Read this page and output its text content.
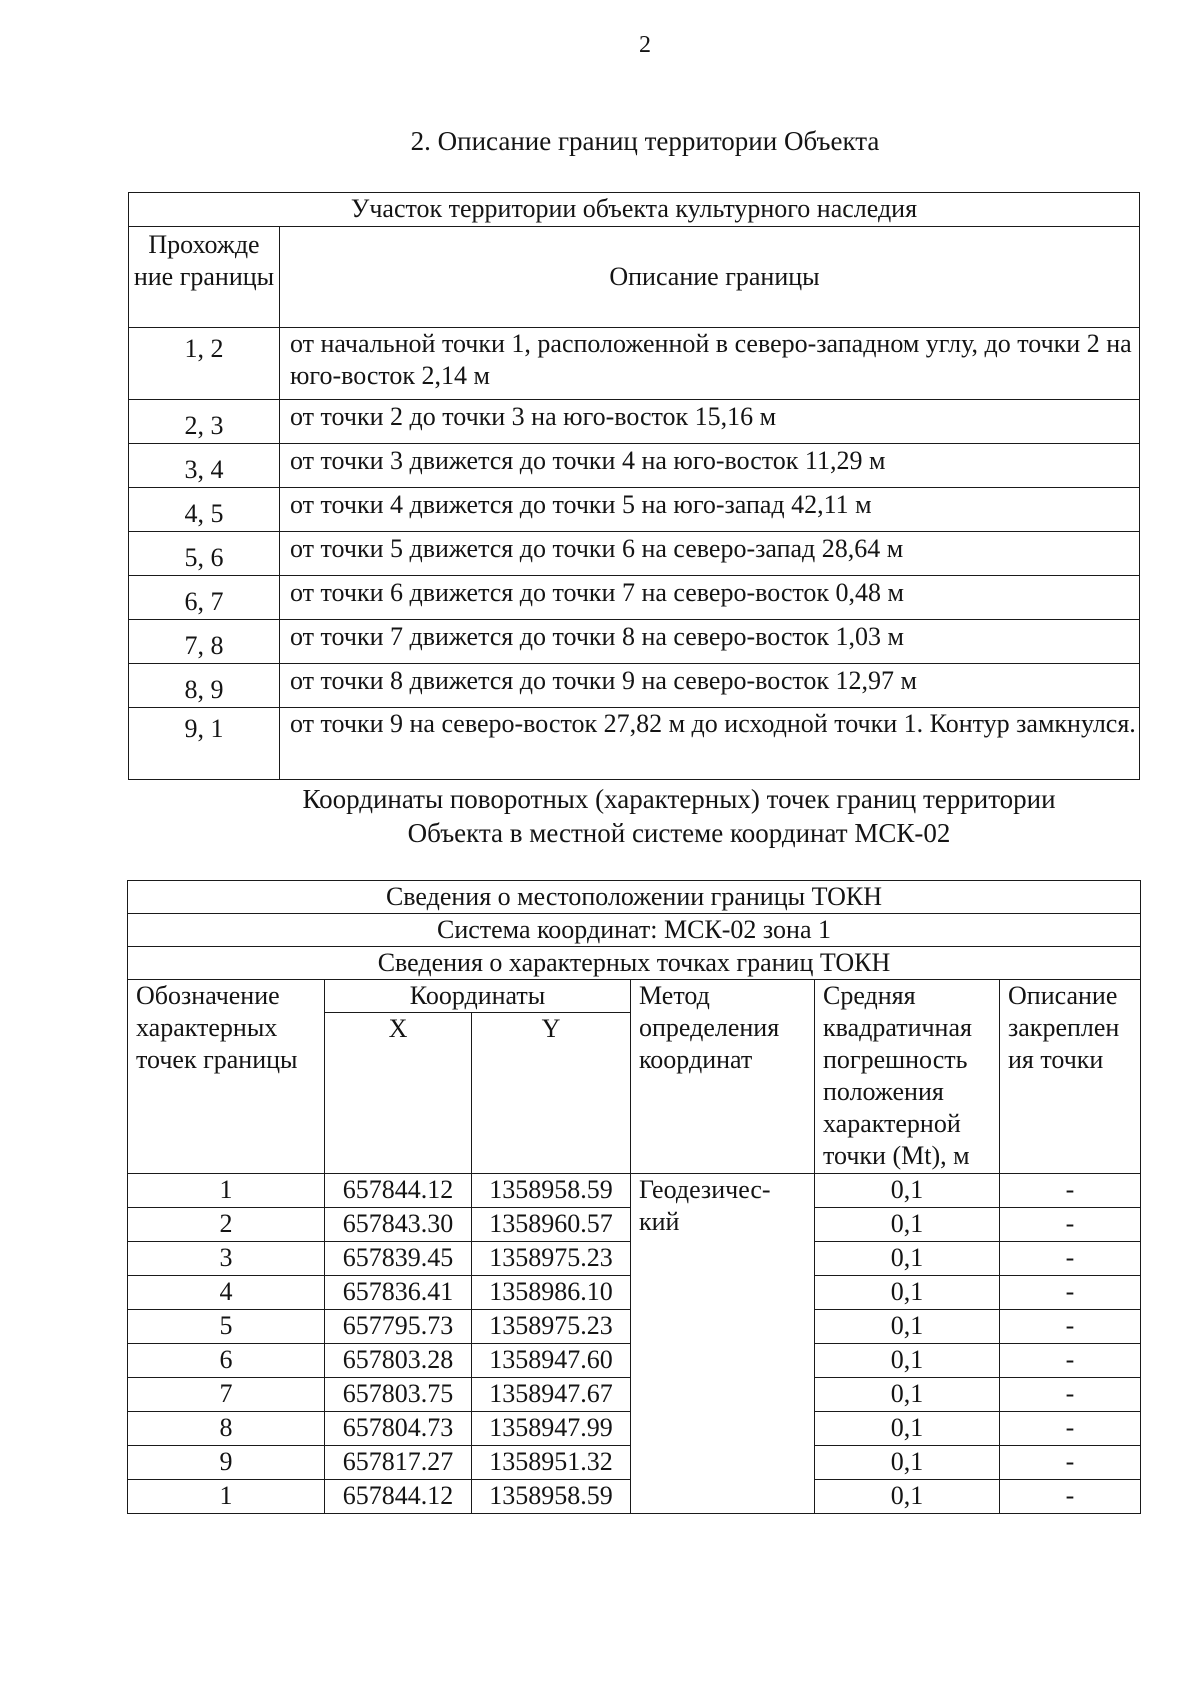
2
2. Описание границ территории Объекта
Участок территории объекта культурного наследия	
Прохожде ние границы	Описание границы
1, 2	от начальной точки 1, расположенной в северо-западном углу, до точки 2 на юго-восток 2,14 м
2, 3	от точки 2 до точки 3 на юго-восток 15,16 м
3, 4	от точки 3 движется до точки 4 на юго-восток 11,29 м
4, 5	от точки 4 движется до точки 5 на юго-запад 42,11 м
5, 6	от точки 5 движется до точки 6 на северо-запад 28,64 м
6, 7	от точки 6 движется до точки 7 на северо-восток 0,48 м
7, 8	от точки 7 движется до точки 8 на северо-восток 1,03 м
8, 9	от точки 8 движется до точки 9 на северо-восток 12,97 м
9, 1	от точки 9 на северо-восток 27,82 м до исходной точки 1. Контур замкнулся.
Координаты поворотных (характерных) точек границ территории Объекта в местной системе координат МСК-02
Сведения о местоположении границы ТОКН					
Система координат: МСК-02 зона 1					
Сведения о характерных точках границ ТОКН					
Обозначение характерных точек границы	Координаты		Метод определения координат	Средняя квадратичная погрешность положения характерной точки (Mt), м	Описание закреплен ия точки
	X	Y			
1	657844.12	1358958.59	Геодезичес- кий	0,1	-
2	657843.30	1358960.57		0,1	-
3	657839.45	1358975.23		0,1	-
4	657836.41	1358986.10		0,1	-
5	657795.73	1358975.23		0,1	-
6	657803.28	1358947.60		0,1	-
7	657803.75	1358947.67		0,1	-
8	657804.73	1358947.99		0,1	-
9	657817.27	1358951.32		0,1	-
1	657844.12	1358958.59		0,1	-
